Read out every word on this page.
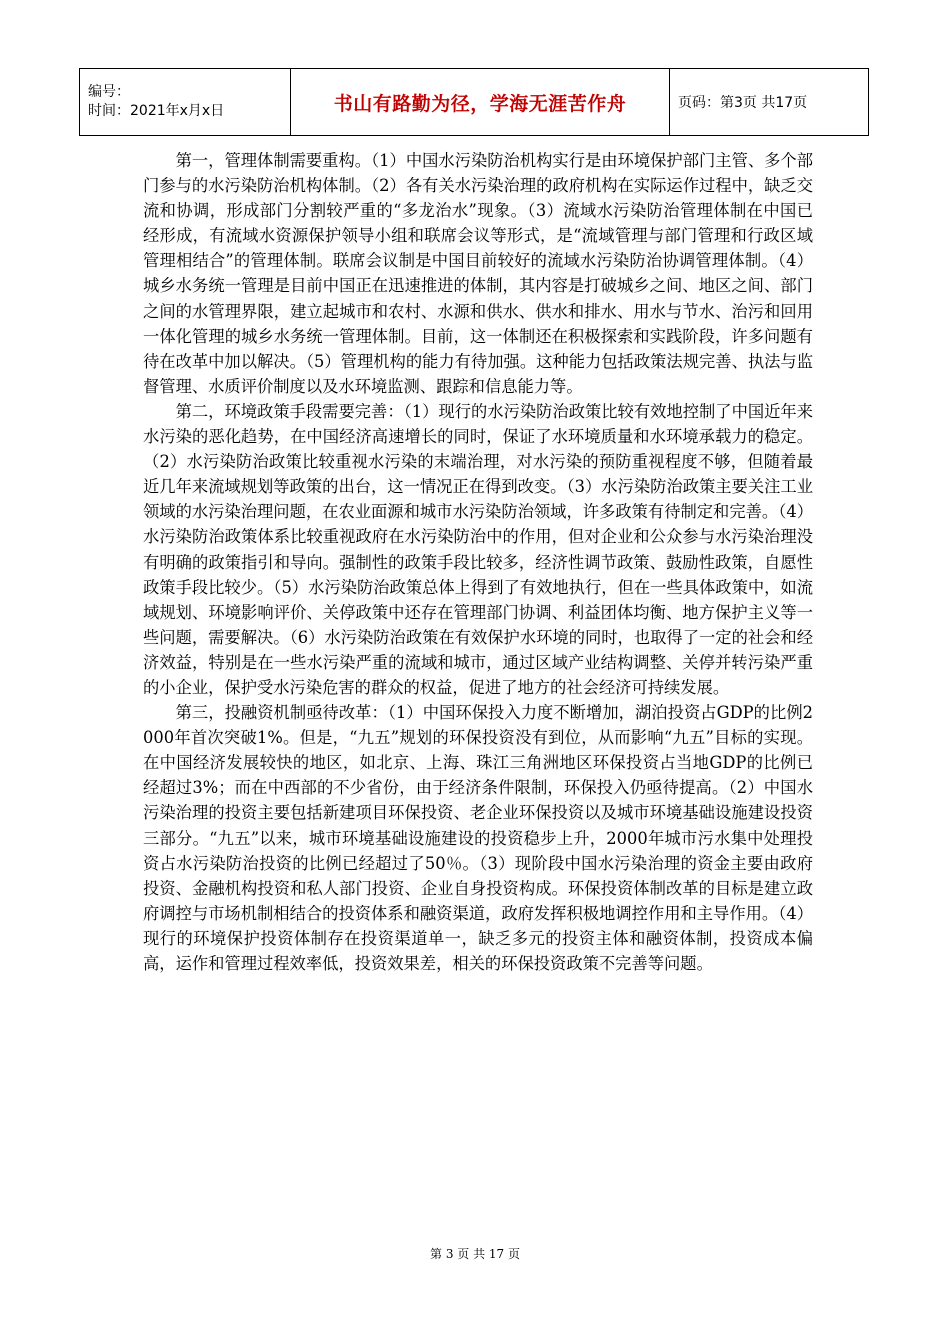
编号：
时间：2021年x月x日	书山有路勤为径，学海无涯苦作舟	页码：第3页 共17页

第一，管理体制需要重构。（1）中国水污染防治机构实行是由环境保护部门主管、多个部门参与的水污染防治机构体制。（2）各有关水污染治理的政府机构在实际运作过程中，缺乏交流和协调，形成部门分割较严重的“多龙治水”现象。（3）流域水污染防治管理体制在中国已经形成，有流域水资源保护领导小组和联席会议等形式，是“流域管理与部门管理和行政区域管理相结合”的管理体制。联席会议制是中国目前较好的流域水污染防治协调管理体制。（4）城乡水务统一管理是目前中国正在迅速推进的体制，其内容是打破城乡之间、地区之间、部门之间的水管理界限，建立起城市和农村、水源和供水、供水和排水、用水与节水、治污和回用一体化管理的城乡水务统一管理体制。目前，这一体制还在积极探索和实践阶段，许多问题有待在改革中加以解决。（5）管理机构的能力有待加强。这种能力包括政策法规完善、执法与监督管理、水质评价制度以及水环境监测、跟踪和信息能力等。

第二，环境政策手段需要完善：（1）现行的水污染防治政策比较有效地控制了中国近年来水污染的恶化趋势，在中国经济高速增长的同时，保证了水环境质量和水环境承载力的稳定。（2）水污染防治政策比较重视水污染的末端治理，对水污染的预防重视程度不够，但随着最近几年来流域规划等政策的出台，这一情况正在得到改变。（3）水污染防治政策主要关注工业领域的水污染治理问题，在农业面源和城市水污染防治领域，许多政策有待制定和完善。（4）水污染防治政策体系比较重视政府在水污染防治中的作用，但对企业和公众参与水污染治理没有明确的政策指引和导向。强制性的政策手段比较多，经济性调节政策、鼓励性政策，自愿性政策手段比较少。（5）水污染防治政策总体上得到了有效地执行，但在一些具体政策中，如流域规划、环境影响评价、关停政策中还存在管理部门协调、利益团体均衡、地方保护主义等一些问题，需要解决。（6）水污染防治政策在有效保护水环境的同时，也取得了一定的社会和经济效益，特别是在一些水污染严重的流域和城市，通过区域产业结构调整、关停并转污染严重的小企业，保护受水污染危害的群众的权益，促进了地方的社会经济可持续发展。

第三，投融资机制亟待改革：（1）中国环保投入力度不断增加，湖泊投资占GDP的比例2000年首次突破1%。但是，“九五”规划的环保投资没有到位，从而影响“九五”目标的实现。在中国经济发展较快的地区，如北京、上海、珠江三角洲地区环保投资占当地GDP的比例已经超过3%；而在中西部的不少省份，由于经济条件限制，环保投入仍亟待提高。（2）中国水污染治理的投资主要包括新建项目环保投资、老企业环保投资以及城市环境基础设施建设投资三部分。“九五”以来，城市环境基础设施建设的投资稳步上升，2000年城市污水集中处理投资占水污染防治投资的比例已经超过了50％。（3）现阶段中国水污染治理的资金主要由政府投资、金融机构投资和私人部门投资、企业自身投资构成。环保投资体制改革的目标是建立政府调控与市场机制相结合的投资体系和融资渠道，政府发挥积极地调控作用和主导作用。（4）现行的环境保护投资体制存在投资渠道单一，缺乏多元的投资主体和融资体制，投资成本偏高，运作和管理过程效率低，投资效果差，相关的环保投资政策不完善等问题。

第 3 页 共 17 页
